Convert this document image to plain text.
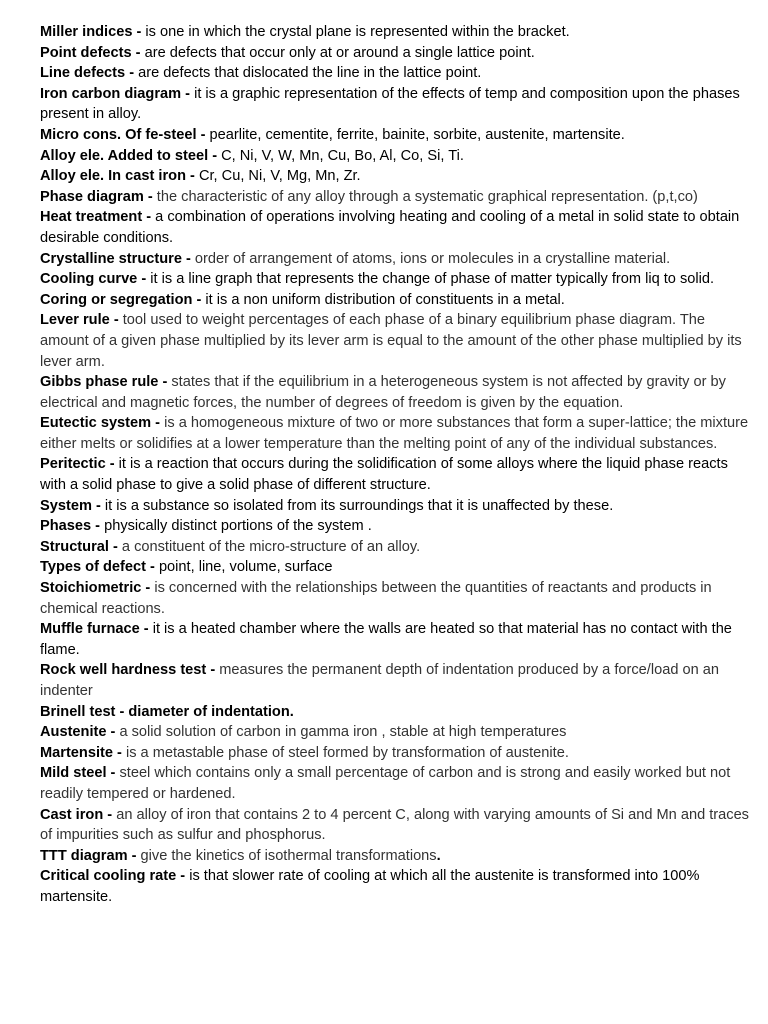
Miller indices - is one in which the crystal plane is represented within the bracket.

Point defects - are defects that occur only at or around a single lattice point.

Line defects - are defects that dislocated the line in the lattice point.

Iron carbon diagram - it is a graphic representation of the effects of temp and composition upon the phases present in alloy.

Micro cons. Of fe-steel - pearlite, cementite, ferrite, bainite, sorbite, austenite, martensite.

Alloy ele. Added to steel - C, Ni, V, W, Mn, Cu, Bo, Al, Co, Si, Ti.

Alloy ele. In cast iron - Cr, Cu, Ni, V, Mg, Mn, Zr.

Phase diagram - the characteristic of any alloy through a systematic graphical representation. (p,t,co)

Heat treatment - a combination of operations involving heating and cooling of a metal in solid state to obtain desirable conditions.

Crystalline structure - order of arrangement of atoms, ions or molecules in a crystalline material.

Cooling curve - it is a line graph that represents the change of phase of matter typically from liq to solid.

Coring or segregation - it is a non uniform distribution of constituents in a metal.

Lever rule - tool used to weight percentages of each phase of a binary equilibrium phase diagram. The amount of a given phase multiplied by its lever arm is equal to the amount of the other phase multiplied by its lever arm.

Gibbs phase rule - states that if the equilibrium in a heterogeneous system is not affected by gravity or by electrical and magnetic forces, the number of degrees of freedom is given by the equation.

Eutectic system - is a homogeneous mixture of two or more substances that form a super-lattice; the mixture either melts or solidifies at a lower temperature than the melting point of any of the individual substances.

Peritectic - it is a reaction that occurs during the solidification of some alloys where the liquid phase reacts with a solid phase to give a solid phase of different structure.

System - it is a substance so isolated from its surroundings that it is unaffected by these.

Phases - physically distinct portions of the system .

Structural - a constituent of the micro-structure of an alloy.

Types of defect - point, line, volume, surface

Stoichiometric - is concerned with the relationships between the quantities of reactants and products in chemical reactions.

Muffle furnace - it is a heated chamber where the walls are heated so that material has no contact with the flame.

Rock well hardness test - measures the permanent depth of indentation produced by a force/load on an indenter

Brinell test - diameter of indentation.

Austenite - a solid solution of carbon in gamma iron , stable at high temperatures

Martensite - is a metastable phase of steel formed by transformation of austenite.

Mild steel - steel which contains only a small percentage of carbon and is strong and easily worked but not readily tempered or hardened.

Cast iron - an alloy of iron that contains 2 to 4 percent C, along with varying amounts of Si and Mn and traces of impurities such as sulfur and phosphorus.

TTT diagram - give the kinetics of isothermal transformations.

Critical cooling rate - is that slower rate of cooling at which all the austenite is transformed into 100% martensite.
